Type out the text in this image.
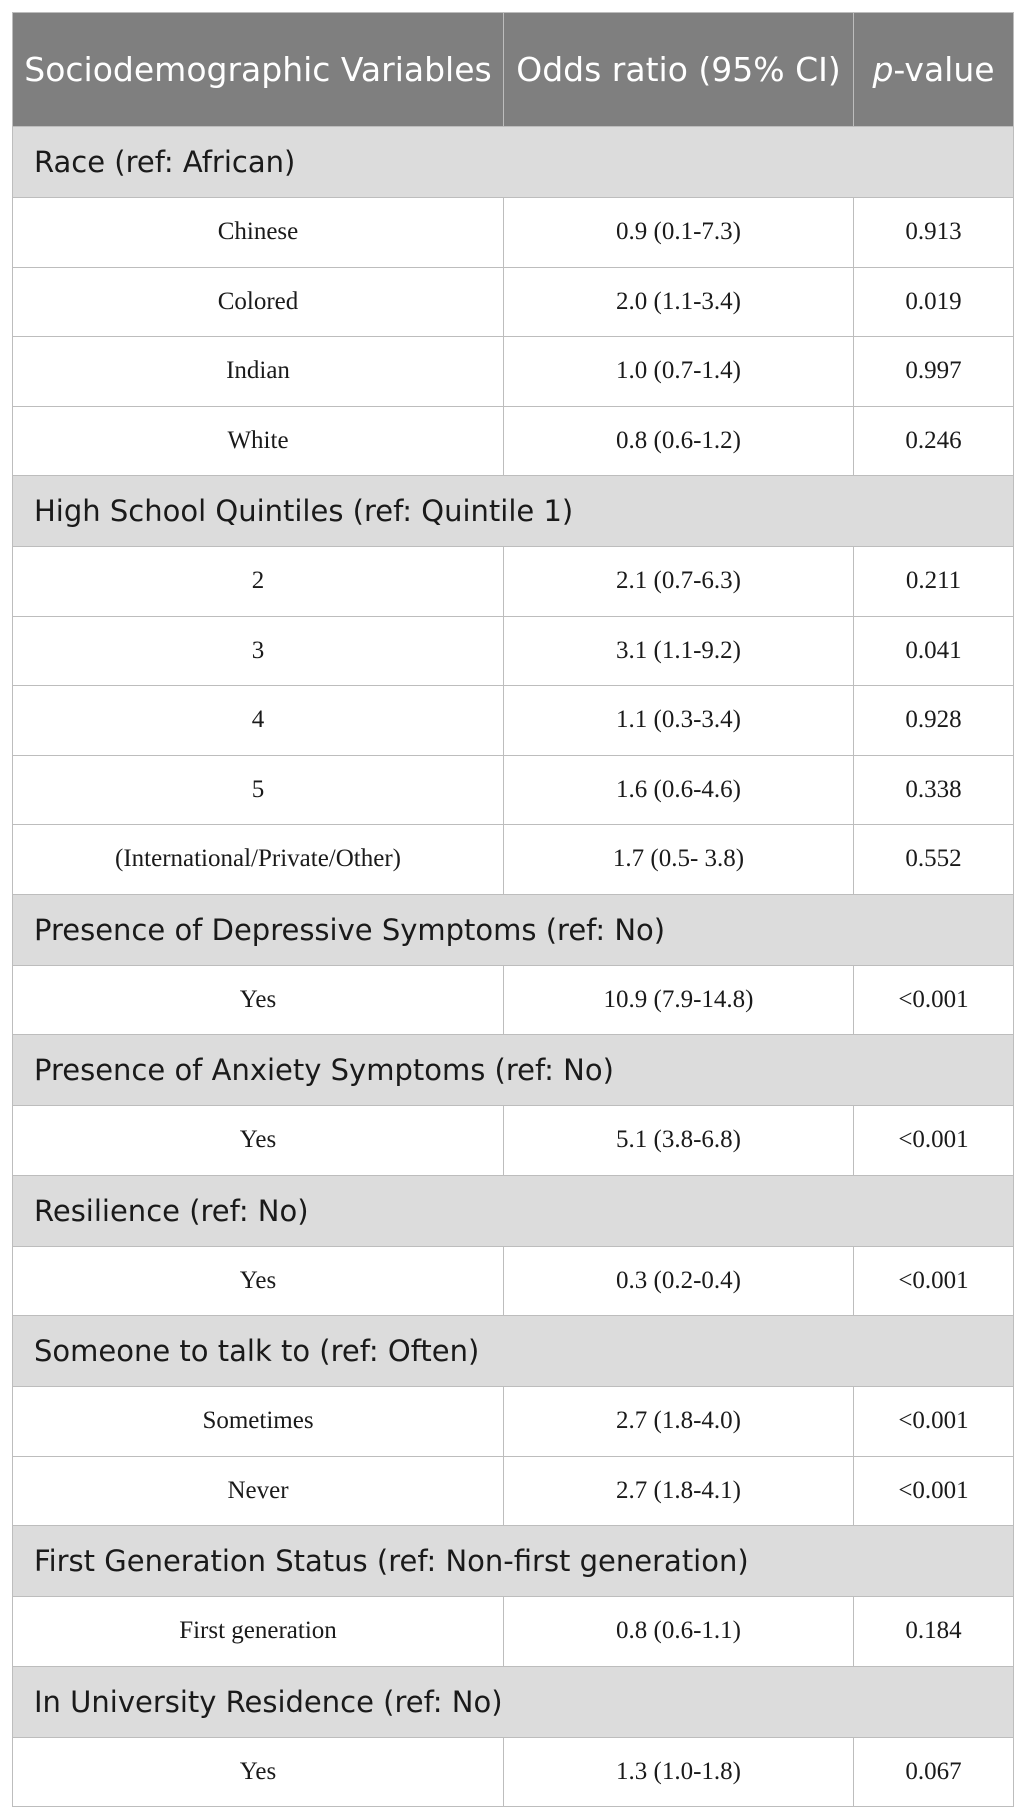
Sociodemographic Variables	Odds ratio (95% CI)	p-value
Race (ref: African)		
Chinese	0.9 (0.1-7.3)	0.913
Colored	2.0 (1.1-3.4)	0.019
Indian	1.0 (0.7-1.4)	0.997
White	0.8 (0.6-1.2)	0.246
High School Quintiles (ref: Quintile 1)		
2	2.1 (0.7-6.3)	0.211
3	3.1 (1.1-9.2)	0.041
4	1.1 (0.3-3.4)	0.928
5	1.6 (0.6-4.6)	0.338
(International/Private/Other)	1.7 (0.5- 3.8)	0.552
Presence of Depressive Symptoms (ref: No)		
Yes	10.9 (7.9-14.8)	<0.001
Presence of Anxiety Symptoms (ref: No)		
Yes	5.1 (3.8-6.8)	<0.001
Resilience (ref: No)		
Yes	0.3 (0.2-0.4)	<0.001
Someone to talk to (ref: Often)		
Sometimes	2.7 (1.8-4.0)	<0.001
Never	2.7 (1.8-4.1)	<0.001
First Generation Status (ref: Non-first generation)		
First generation	0.8 (0.6-1.1)	0.184
In University Residence (ref: No)		
Yes	1.3 (1.0-1.8)	0.067
